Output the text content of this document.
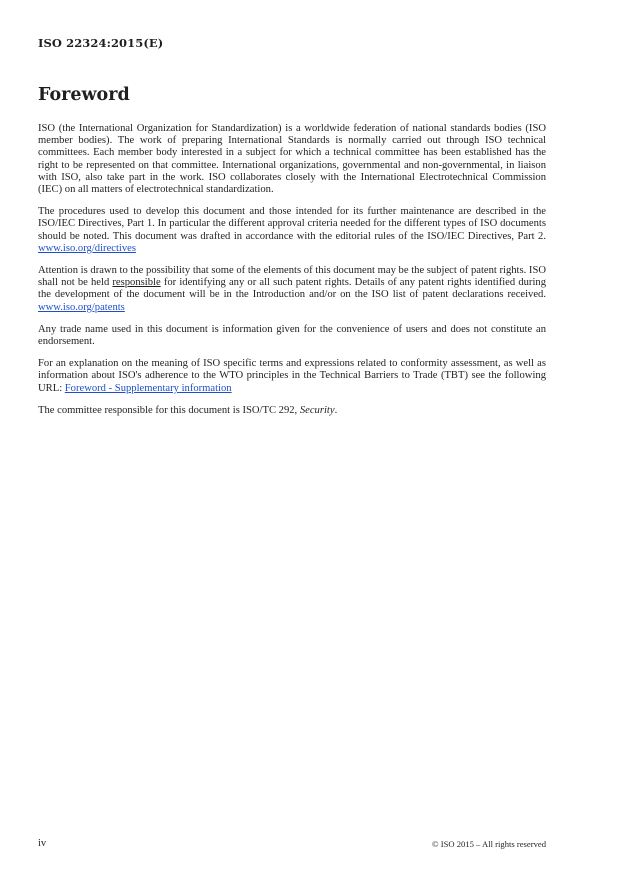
ISO 22324:2015(E)
Foreword

ISO (the International Organization for Standardization) is a worldwide federation of national standards bodies (ISO member bodies). The work of preparing International Standards is normally carried out through ISO technical committees. Each member body interested in a subject for which a technical committee has been established has the right to be represented on that committee. International organizations, governmental and non-governmental, in liaison with ISO, also take part in the work. ISO collaborates closely with the International Electrotechnical Commission (IEC) on all matters of electrotechnical standardization.

The procedures used to develop this document and those intended for its further maintenance are described in the ISO/IEC Directives, Part 1. In particular the different approval criteria needed for the different types of ISO documents should be noted. This document was drafted in accordance with the editorial rules of the ISO/IEC Directives, Part 2. www.iso.org/directives

Attention is drawn to the possibility that some of the elements of this document may be the subject of patent rights. ISO shall not be held responsible for identifying any or all such patent rights. Details of any patent rights identified during the development of the document will be in the Introduction and/or on the ISO list of patent declarations received. www.iso.org/patents

Any trade name used in this document is information given for the convenience of users and does not constitute an endorsement.

For an explanation on the meaning of ISO specific terms and expressions related to conformity assessment, as well as information about ISO's adherence to the WTO principles in the Technical Barriers to Trade (TBT) see the following URL: Foreword - Supplementary information

The committee responsible for this document is ISO/TC 292, Security.

iv	© ISO 2015 – All rights reserved
